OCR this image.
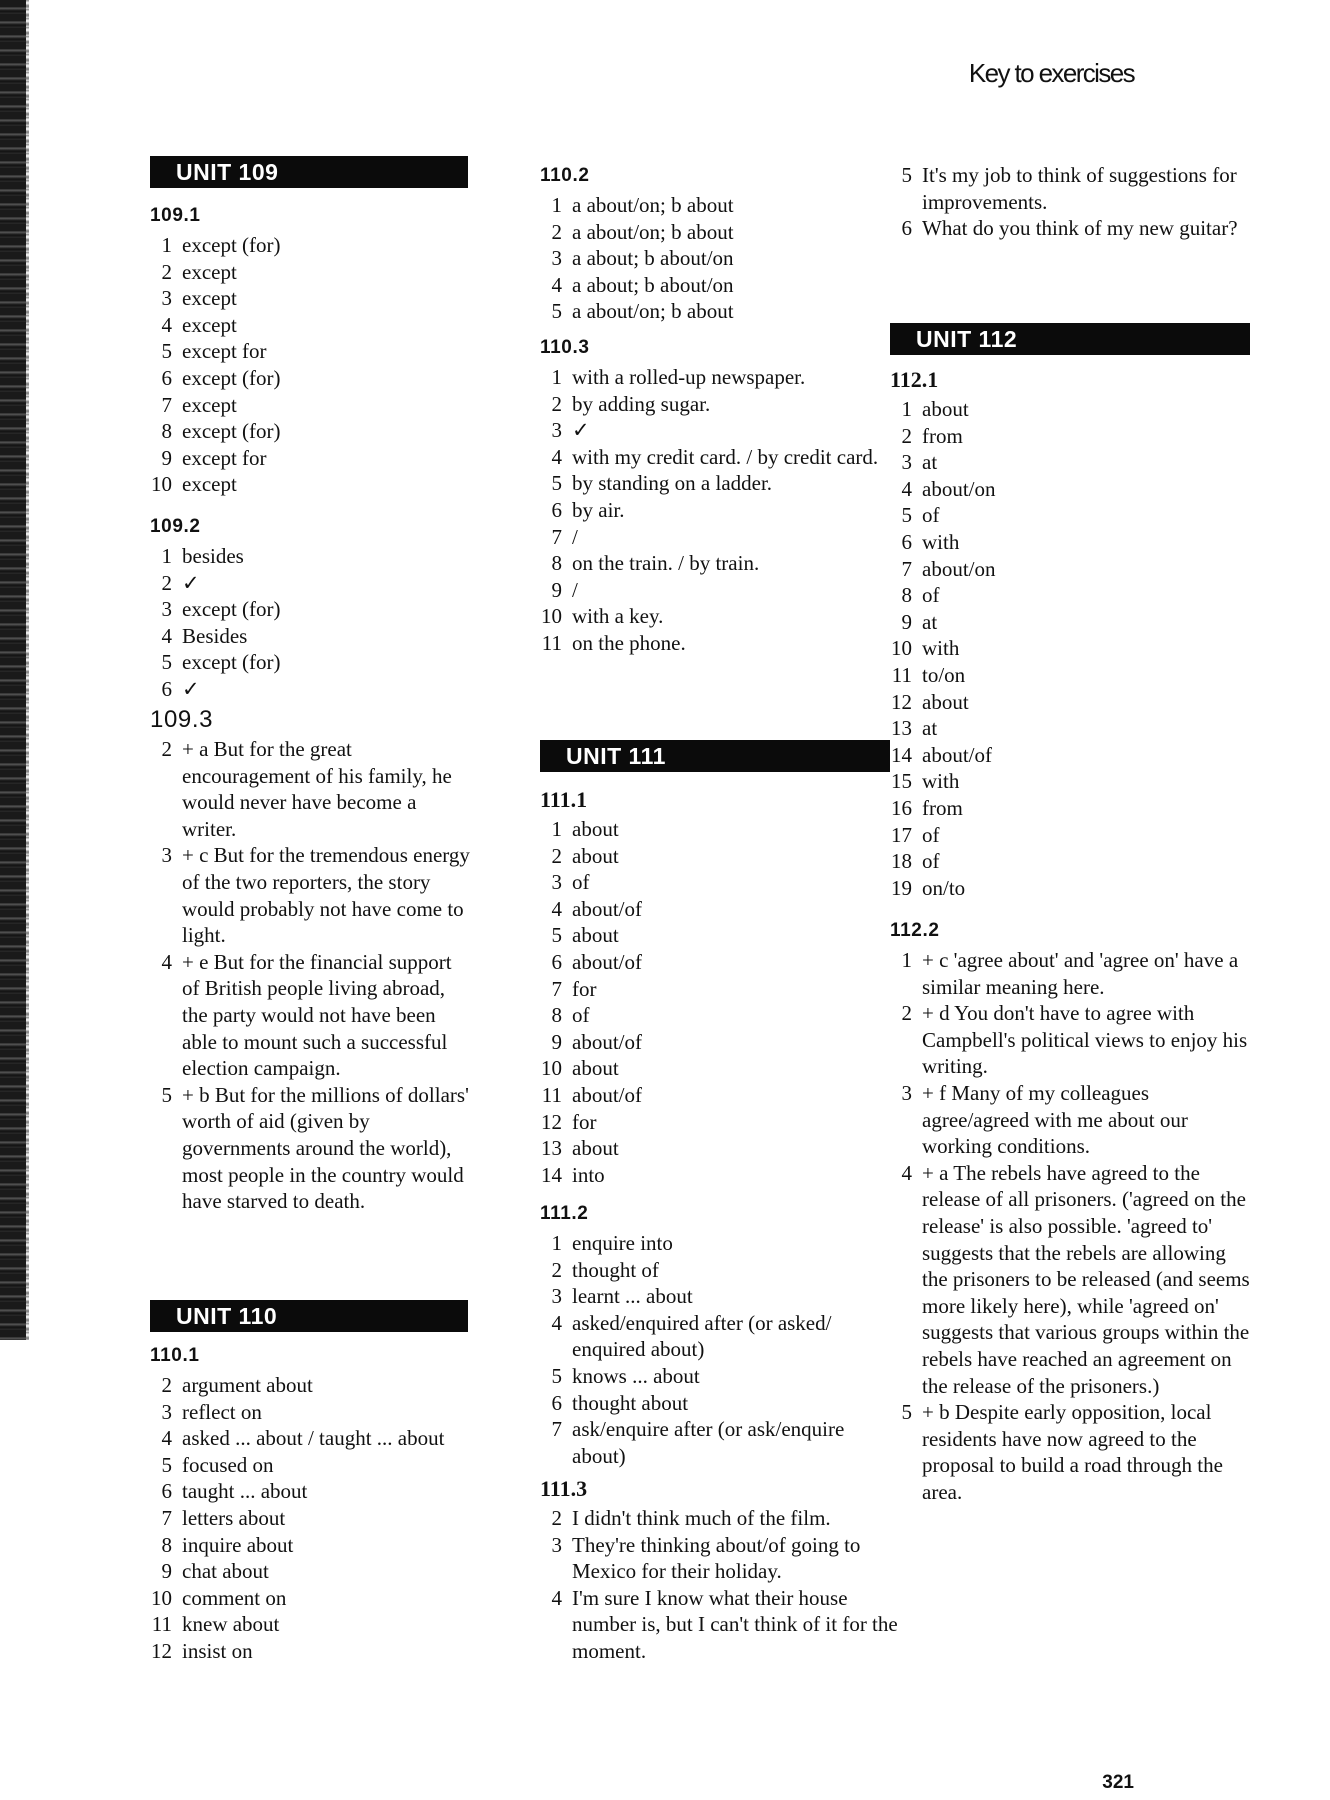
Key to exercises
UNIT 109
109.1
1 except (for)
2 except
3 except
4 except
5 except for
6 except (for)
7 except
8 except (for)
9 except for
10 except
109.2
1 besides
2 ✓
3 except (for)
4 Besides
5 except (for)
6 ✓
109.3
2 + a But for the great encouragement of his family, he would never have become a writer.
3 + c But for the tremendous energy of the two reporters, the story would probably not have come to light.
4 + e But for the financial support of British people living abroad, the party would not have been able to mount such a successful election campaign.
5 + b But for the millions of dollars' worth of aid (given by governments around the world), most people in the country would have starved to death.
UNIT 110
110.1
2 argument about
3 reflect on
4 asked ... about / taught ... about
5 focused on
6 taught ... about
7 letters about
8 inquire about
9 chat about
10 comment on
11 knew about
12 insist on
110.2
1 a about/on; b about
2 a about/on; b about
3 a about; b about/on
4 a about; b about/on
5 a about/on; b about
110.3
1 with a rolled-up newspaper.
2 by adding sugar.
3 ✓
4 with my credit card. / by credit card.
5 by standing on a ladder.
6 by air.
7 /
8 on the train. / by train.
9 /
10 with a key.
11 on the phone.
UNIT 111
111.1
1 about
2 about
3 of
4 about/of
5 about
6 about/of
7 for
8 of
9 about/of
10 about
11 about/of
12 for
13 about
14 into
111.2
1 enquire into
2 thought of
3 learnt ... about
4 asked/enquired after (or asked/ enquired about)
5 knows ... about
6 thought about
7 ask/enquire after (or ask/enquire about)
111.3
2 I didn't think much of the film.
3 They're thinking about/of going to Mexico for their holiday.
4 I'm sure I know what their house number is, but I can't think of it for the moment.
5 It's my job to think of suggestions for improvements.
6 What do you think of my new guitar?
UNIT 112
112.1
1 about
2 from
3 at
4 about/on
5 of
6 with
7 about/on
8 of
9 at
10 with
11 to/on
12 about
13 at
14 about/of
15 with
16 from
17 of
18 of
19 on/to
112.2
1 + c 'agree about' and 'agree on' have a similar meaning here.
2 + d You don't have to agree with Campbell's political views to enjoy his writing.
3 + f Many of my colleagues agree/agreed with me about our working conditions.
4 + a The rebels have agreed to the release of all prisoners. ('agreed on the release' is also possible. 'agreed to' suggests that the rebels are allowing the prisoners to be released (and seems more likely here), while 'agreed on' suggests that various groups within the rebels have reached an agreement on the release of the prisoners.)
5 + b Despite early opposition, local residents have now agreed to the proposal to build a road through the area.
321
